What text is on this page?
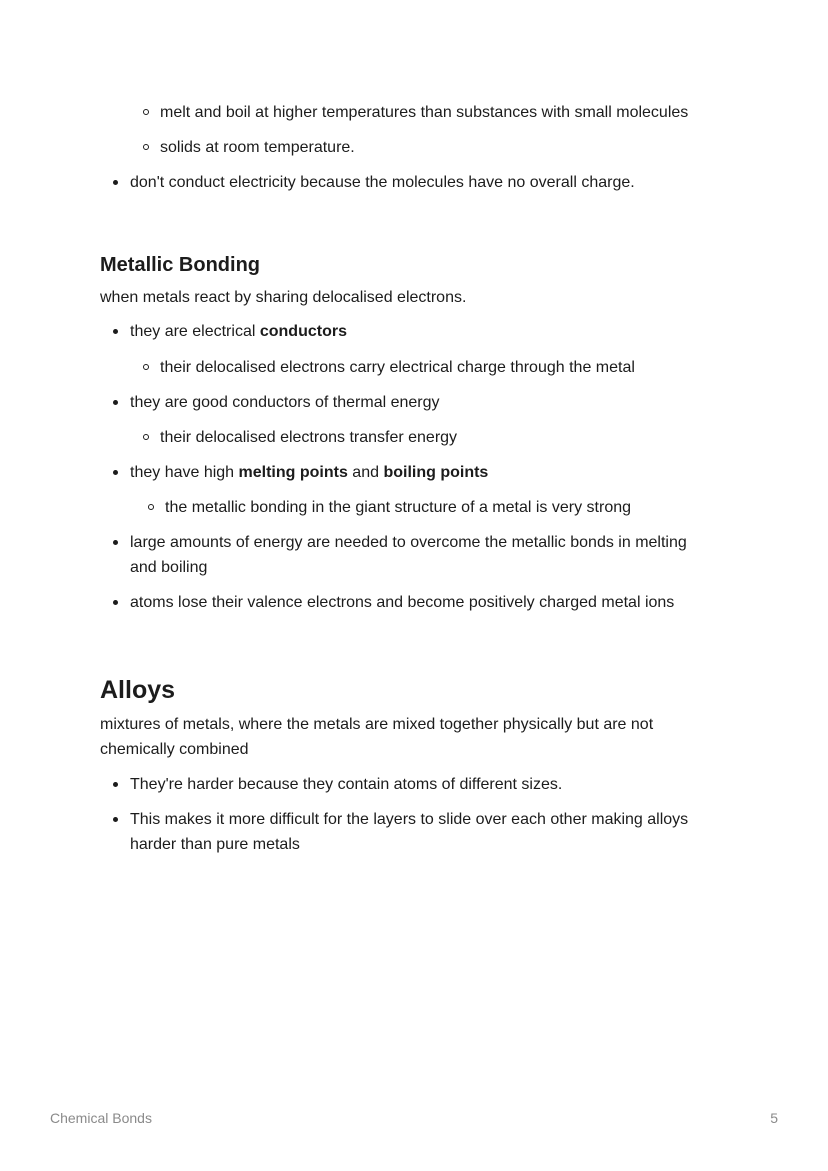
melt and boil at higher temperatures than substances with small molecules
solids at room temperature.
don't conduct electricity because the molecules have no overall charge.
Metallic Bonding
when metals react by sharing delocalised electrons.
they are electrical conductors
their delocalised electrons carry electrical charge through the metal
they are good conductors of thermal energy
their delocalised electrons transfer energy
they have high melting points and boiling points
the metallic bonding in the giant structure of a metal is very strong
large amounts of energy are needed to overcome the metallic bonds in melting
and boiling
atoms lose their valence electrons and become positively charged metal ions
Alloys
mixtures of metals, where the metals are mixed together physically but are not
chemically combined
They're harder because they contain atoms of different sizes.
This makes it more difficult for the layers to slide over each other making alloys
harder than pure metals
Chemical Bonds	5
